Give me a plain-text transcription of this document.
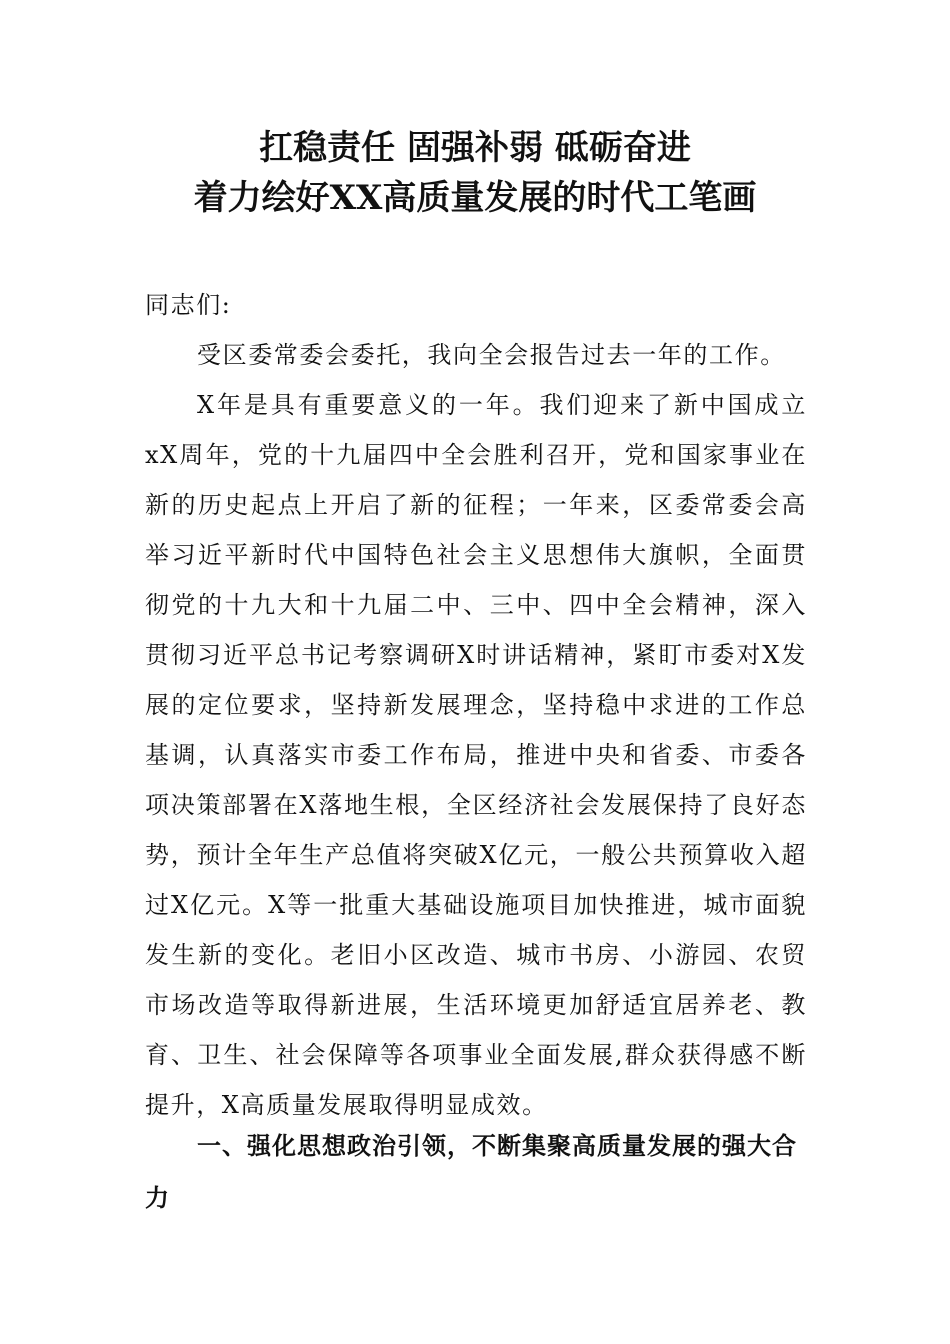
扛稳责任 固强补弱 砥砺奋进
着力绘好XX高质量发展的时代工笔画
同志们:
受区委常委会委托，我向全会报告过去一年的工作。
X年是具有重要意义的一年。我们迎来了新中国成立xX周年，党的十九届四中全会胜利召开，党和国家事业在新的历史起点上开启了新的征程；一年来，区委常委会高举习近平新时代中国特色社会主义思想伟大旗帜，全面贯彻党的十九大和十九届二中、三中、四中全会精神，深入贯彻习近平总书记考察调研X时讲话精神，紧盯市委对X发展的定位要求，坚持新发展理念，坚持稳中求进的工作总基调，认真落实市委工作布局，推进中央和省委、市委各项决策部署在X落地生根，全区经济社会发展保持了良好态势，预计全年生产总值将突破X亿元，一般公共预算收入超过X亿元。X等一批重大基础设施项目加快推进，城市面貌发生新的变化。老旧小区改造、城市书房、小游园、农贸市场改造等取得新进展，生活环境更加舒适宜居养老、教育、卫生、社会保障等各项事业全面发展,群众获得感不断提升，X高质量发展取得明显成效。
一、强化思想政治引领，不断集聚高质量发展的强大合力
